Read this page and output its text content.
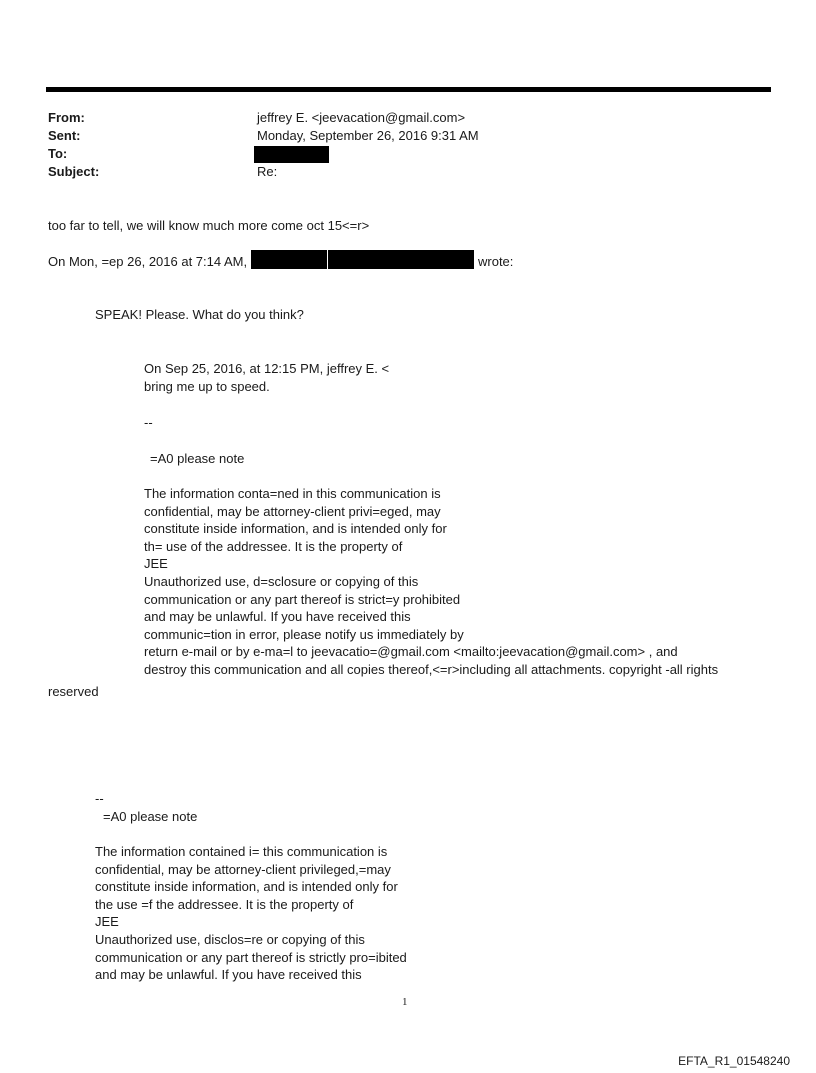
From:	jeffrey E. <jeevacation@gmail.com>
Sent:	Monday, September 26, 2016 9:31 AM
To:
Subject:	Re:
too far to tell, we will know much more come oct 15<=r>
On Mon, =ep 26, 2016 at 7:14 AM,	wrote:
SPEAK! Please. What do you think?
On Sep 25, 2016, at 12:15 PM, jeffrey E. <
bring me up to speed.
--
=A0 please note
The information conta=ned in this communication is
confidential, may be attorney-client privi=eged, may
constitute inside information, and is intended only for
th= use of the addressee. It is the property of
JEE
Unauthorized use, d=sclosure or copying of this
communication or any part thereof is strict=y prohibited
and may be unlawful. If you have received this
communic=tion in error, please notify us immediately by
return e-mail or by e-ma=l to jeevacatio=@gmail.com <mailto:jeevacation@gmail.com> , and
destroy this communication and all copies thereof,<=r>including all attachments. copyright -all rights
reserved
--
=A0 please note
The information contained i= this communication is
confidential, may be attorney-client privileged,=may
constitute inside information, and is intended only for
the use =f the addressee. It is the property of
JEE
Unauthorized use, disclos=re or copying of this
communication or any part thereof is strictly pro=ibited
and may be unlawful. If you have received this
1
EFTA_R1_01548240
